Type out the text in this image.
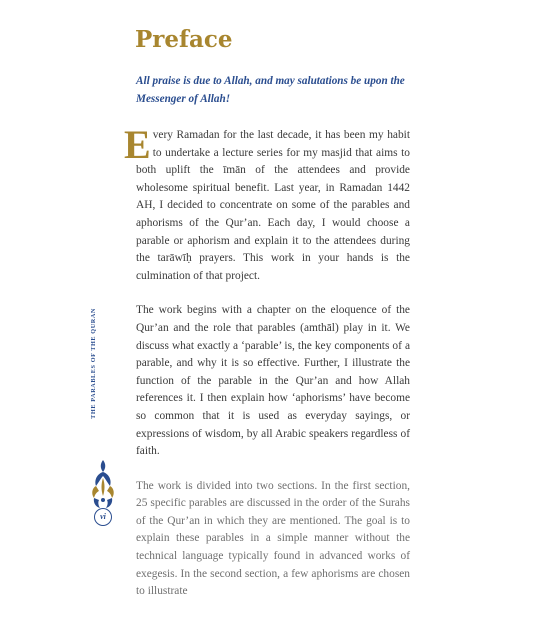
Preface

All praise is due to Allah, and may salutations be upon the Messenger of Allah!

Every Ramadan for the last decade, it has been my habit to undertake a lecture series for my masjid that aims to both uplift the īmān of the attendees and provide wholesome spiritual benefit. Last year, in Ramadan 1442 AH, I decided to concentrate on some of the parables and aphorisms of the Qur’an. Each day, I would choose a parable or aphorism and explain it to the attendees during the tarāwīḥ prayers. This work in your hands is the culmination of that project.

The work begins with a chapter on the eloquence of the Qur’an and the role that parables (amthāl) play in it. We discuss what exactly a ‘parable’ is, the key components of a parable, and why it is so effective. Further, I illustrate the function of the parable in the Qur’an and how Allah references it. I then explain how ‘aphorisms’ have become so common that it is used as everyday sayings, or expressions of wisdom, by all Arabic speakers regardless of faith.

The work is divided into two sections. In the first section, 25 specific parables are discussed in the order of the Surahs of the Qur’an in which they are mentioned. The goal is to explain these parables in a simple manner without the technical language typically found in advanced works of exegesis. In the second section, a few aphorisms are chosen to illustrate

THE PARABLES OF THE QURAN
vi
